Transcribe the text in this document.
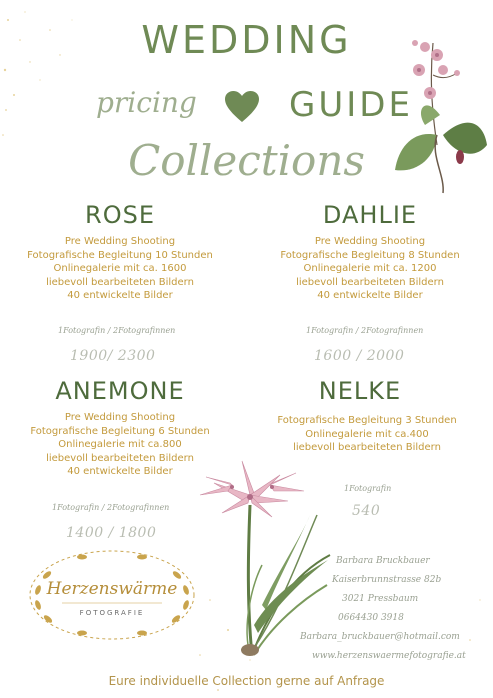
WEDDING
pricing	GUIDE
Collections
ROSE
Pre Wedding Shooting
Fotografische Begleitung 10 Stunden
Onlinegalerie mit ca. 1600
liebevoll bearbeiteten Bildern
40 entwickelte Bilder
1Fotografin / 2Fotografinnen
1900/ 2300
DAHLIE
Pre Wedding Shooting
Fotografische Begleitung 8 Stunden
Onlinegalerie mit ca. 1200
liebevoll bearbeiteten Bildern
40 entwickelte Bilder
1Fotografin / 2Fotografinnen
1600 / 2000
ANEMONE
Pre Wedding Shooting
Fotografische Begleitung 6 Stunden
Onlinegalerie mit ca.800
liebevoll bearbeiteten Bildern
40 entwickelte Bilder
1Fotografin / 2Fotografinnen
1400 / 1800
NELKE
Fotografische Begleitung 3 Stunden
Onlinegalerie mit ca.400
liebevoll bearbeiteten Bildern
1Fotografin
540
Herzenswärme
FOTOGRAFIE
Barbara Bruckbauer
Kaiserbrunnstrasse 82b
3021 Pressbaum
0664430 3918
Barbara_bruckbauer@hotmail.com
www.herzenswaermefotografie.at
Eure individuelle Collection gerne auf Anfrage
